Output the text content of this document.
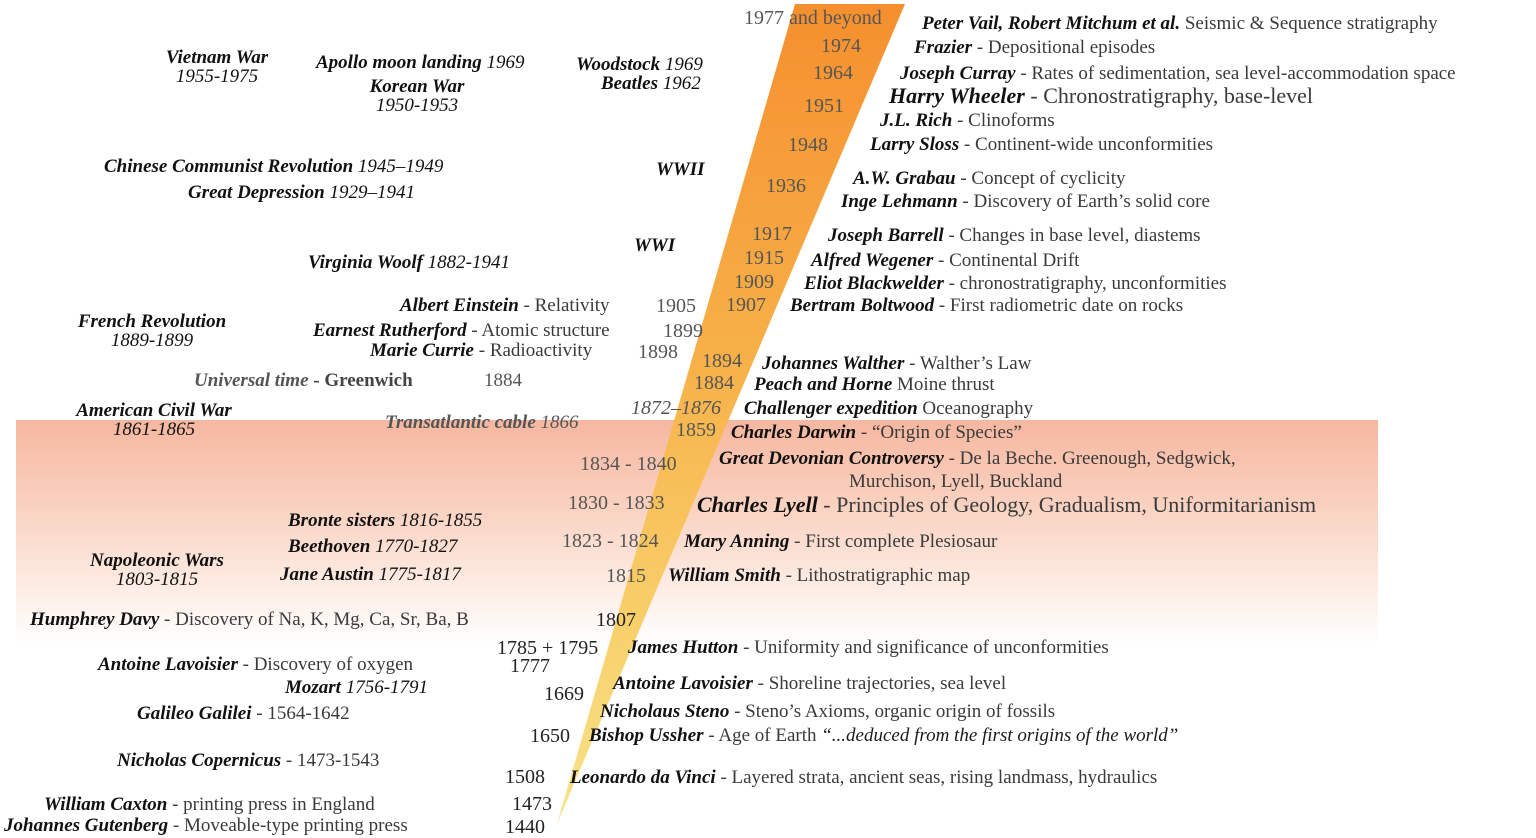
1977 and beyond
1974
1964
1951
1948
1936
1917
1915
1909
1907
1905
1899
1898 1894
1884
1884
1872–1876
1859
1834 - 1840
1830 - 1833
1823 - 1824
1815
1807
1785 + 1795
1777
1669
1650
1508
1473
1440
Peter Vail, Robert Mitchum et al. Seismic & Sequence stratigraphy
Frazier - Depositional episodes
Joseph Curray - Rates of sedimentation, sea level-accommodation space
Harry Wheeler - Chronostratigraphy, base-level
J.L. Rich - Clinoforms
Larry Sloss - Continent-wide unconformities
A.W. Grabau - Concept of cyclicity
Inge Lehmann - Discovery of Earth’s solid core
Joseph Barrell - Changes in base level, diastems
Alfred Wegener - Continental Drift
Eliot Blackwelder - chronostratigraphy, unconformities
Bertram Boltwood - First radiometric date on rocks
Johannes Walther - Walther’s Law
Peach and Horne Moine thrust
Challenger expedition Oceanography
Charles Darwin - “Origin of Species”
Great Devonian Controversy - De la Beche. Greenough, Sedgwick,
Murchison, Lyell, Buckland
Charles Lyell - Principles of Geology, Gradualism, Uniformitarianism
Mary Anning - First complete Plesiosaur
William Smith - Lithostratigraphic map
James Hutton - Uniformity and significance of unconformities
Antoine Lavoisier - Shoreline trajectories, sea level
Nicholaus Steno - Steno’s Axioms, organic origin of fossils
Bishop Ussher - Age of Earth “...deduced from the first origins of the world”
Leonardo da Vinci - Layered strata, ancient seas, rising landmass, hydraulics
Vietnam War
1955-1975
Apollo moon landing 1969
Korean War
1950-1953
Woodstock 1969
Beatles 1962
Chinese Communist Revolution 1945–1949
Great Depression 1929–1941
WWII
WWI
Virginia Woolf 1882-1941
French Revolution
1889-1899
American Civil War
1861-1865	Transatlantic cable 1866
Bronte sisters 1816-1855
Beethoven 1770-1827
Jane Austin 1775-1817
Napoleonic Wars
1803-1815
Mozart 1756-1791
Albert Einstein - Relativity
Earnest Rutherford - Atomic structure
Marie Currie - Radioactivity
Universal time - Greenwich
Humphrey Davy - Discovery of Na, K, Mg, Ca, Sr, Ba, B
Antoine Lavoisier - Discovery of oxygen
Galileo Galilei - 1564-1642
Nicholas Copernicus - 1473-1543
William Caxton - printing press in England
Johannes Gutenberg - Moveable-type printing press
